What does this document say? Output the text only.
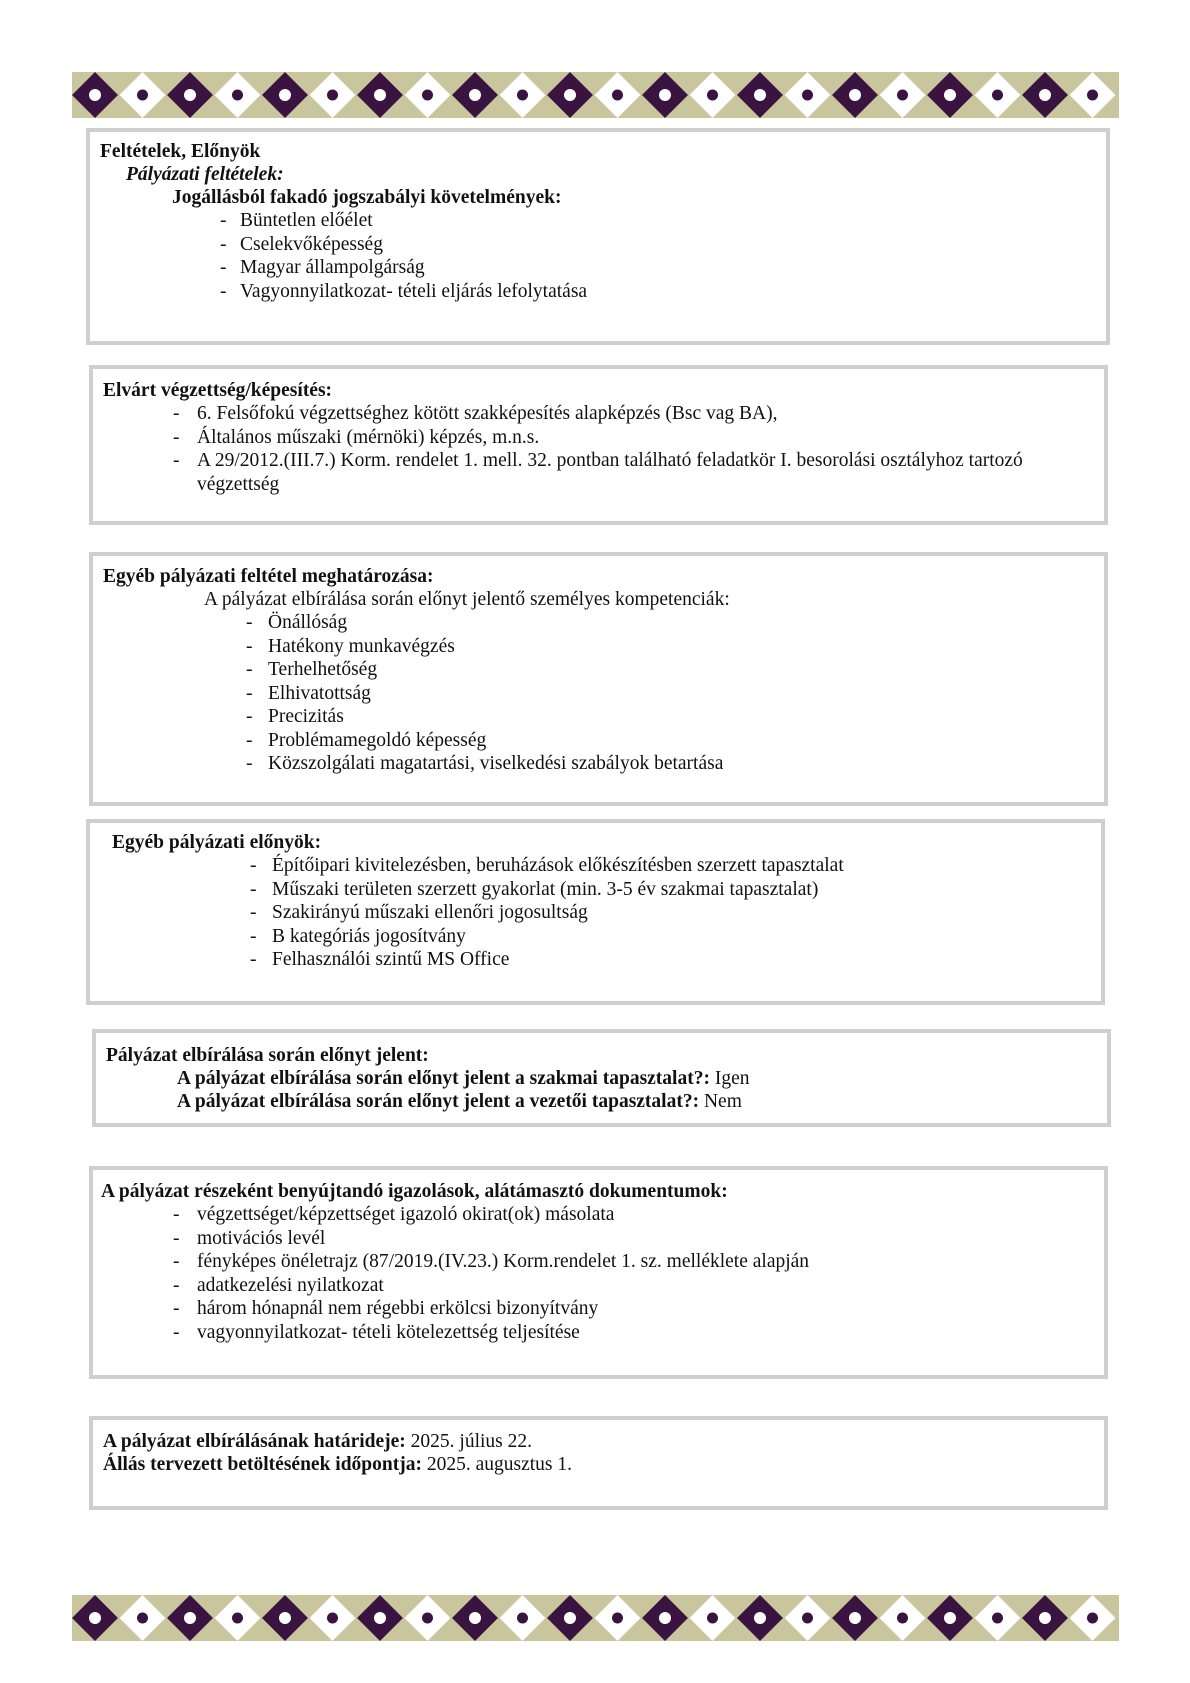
Feltételek, Előnyök
Pályázati feltételek:
Jogállásból fakadó jogszabályi követelmények:
- Büntetlen előélet
- Cselekvőképesség
- Magyar állampolgárság
- Vagyonnyilatkozat- tételi eljárás lefolytatása
Elvárt végzettség/képesítés:
- 6. Felsőfokú végzettséghez kötött szakképesítés alapképzés (Bsc vag BA),
- Általános műszaki (mérnöki) képzés, m.n.s.
- A 29/2012.(III.7.) Korm. rendelet 1. mell. 32. pontban található feladatkör I. besorolási osztályhoz tartozó végzettség
Egyéb pályázati feltétel meghatározása:
A pályázat elbírálása során előnyt jelentő személyes kompetenciák:
- Önállóság
- Hatékony munkavégzés
- Terhelhetőség
- Elhivatottság
- Precizitás
- Problémamegoldó képesség
- Közszolgálati magatartási, viselkedési szabályok betartása
Egyéb pályázati előnyök:
- Építőipari kivitelezésben, beruházások előkészítésben szerzett tapasztalat
- Műszaki területen szerzett gyakorlat (min. 3-5 év szakmai tapasztalat)
- Szakirányú műszaki ellenőri jogosultság
- B kategóriás jogosítvány
- Felhasználói szintű MS Office
Pályázat elbírálása során előnyt jelent:
A pályázat elbírálása során előnyt jelent a szakmai tapasztalat?: Igen
A pályázat elbírálása során előnyt jelent a vezetői tapasztalat?: Nem
A pályázat részeként benyújtandó igazolások, alátámasztó dokumentumok:
- végzettséget/képzettséget igazoló okirat(ok) másolata
- motivációs levél
- fényképes önéletrajz (87/2019.(IV.23.) Korm.rendelet 1. sz. melléklete alapján
- adatkezelési nyilatkozat
- három hónapnál nem régebbi erkölcsi bizonyítvány
- vagyonnyilatkozat- tételi kötelezettség teljesítése
A pályázat elbírálásának határideje: 2025. július 22.
Állás tervezett betöltésének időpontja: 2025. augusztus 1.
